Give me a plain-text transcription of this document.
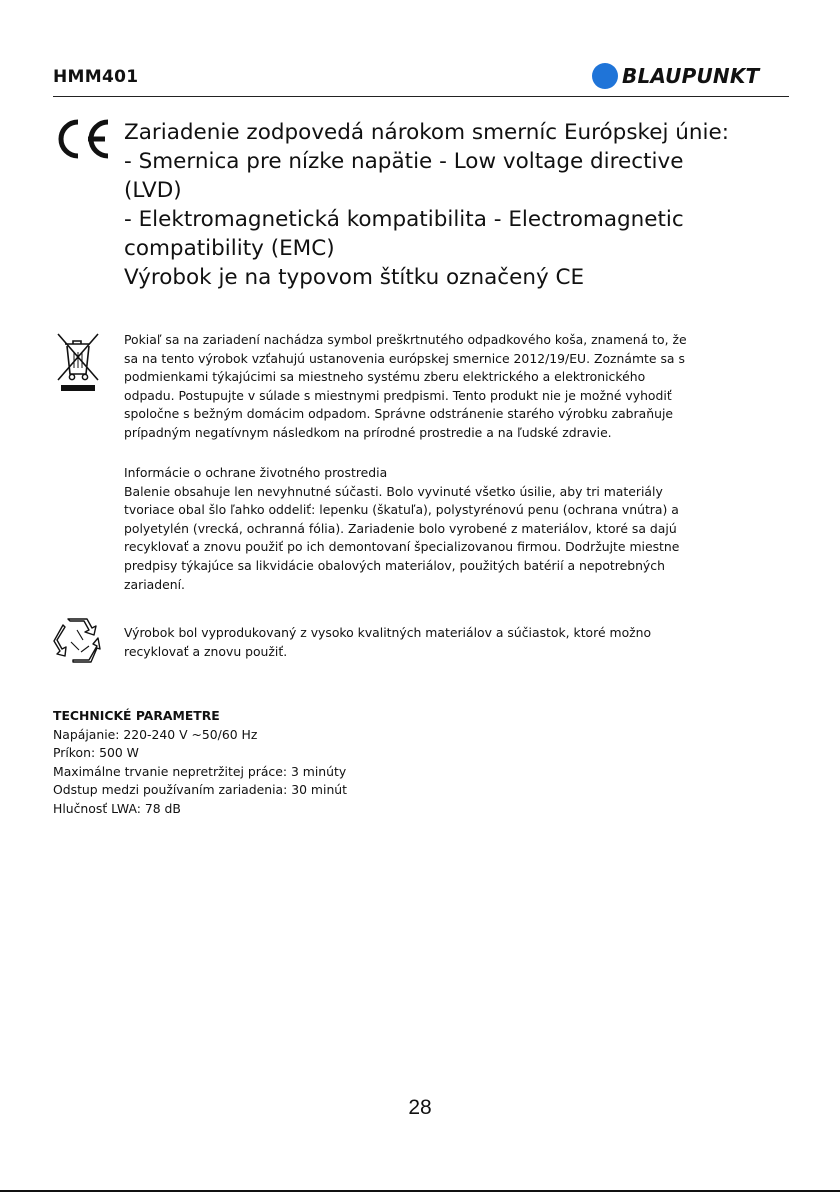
HMM401	BLAUPUNKT
Zariadenie zodpovedá nárokom smerníc Európskej únie:
- Smernica pre nízke napätie - Low voltage directive
(LVD)
- Elektromagnetická kompatibilita - Electromagnetic
compatibility (EMC)
Výrobok je na typovom štítku označený CE
Pokiaľ sa na zariadení nachádza symbol preškrtnutého odpadkového koša, znamená to, že
sa na tento výrobok vzťahujú ustanovenia európskej smernice 2012/19/EU. Zoznámte sa s
podmienkami týkajúcimi sa miestneho systému zberu elektrického a elektronického
odpadu. Postupujte v súlade s miestnymi predpismi. Tento produkt nie je možné vyhodiť
spoločne s bežným domácim odpadom. Správne odstránenie starého výrobku zabraňuje
prípadným negatívnym následkom na prírodné prostredie a na ľudské zdravie.
Informácie o ochrane životného prostredia
Balenie obsahuje len nevyhnutné súčasti. Bolo vyvinuté všetko úsilie, aby tri materiály
tvoriace obal šlo ľahko oddeliť: lepenku (škatuľa), polystyrénovú penu (ochrana vnútra) a
polyetylén (vrecká, ochranná fólia). Zariadenie bolo vyrobené z materiálov, ktoré sa dajú
recyklovať a znovu použiť po ich demontovaní špecializovanou firmou. Dodržujte miestne
predpisy týkajúce sa likvidácie obalových materiálov, použitých batérií a nepotrebných
zariadení.
Výrobok bol vyprodukovaný z vysoko kvalitných materiálov a súčiastok, ktoré možno
recyklovať a znovu použiť.
TECHNICKÉ PARAMETRE
Napájanie: 220-240 V ~50/60 Hz
Príkon: 500 W
Maximálne trvanie nepretržitej práce: 3 minúty
Odstup medzi používaním zariadenia: 30 minút
Hlučnosť LWA: 78 dB
28
